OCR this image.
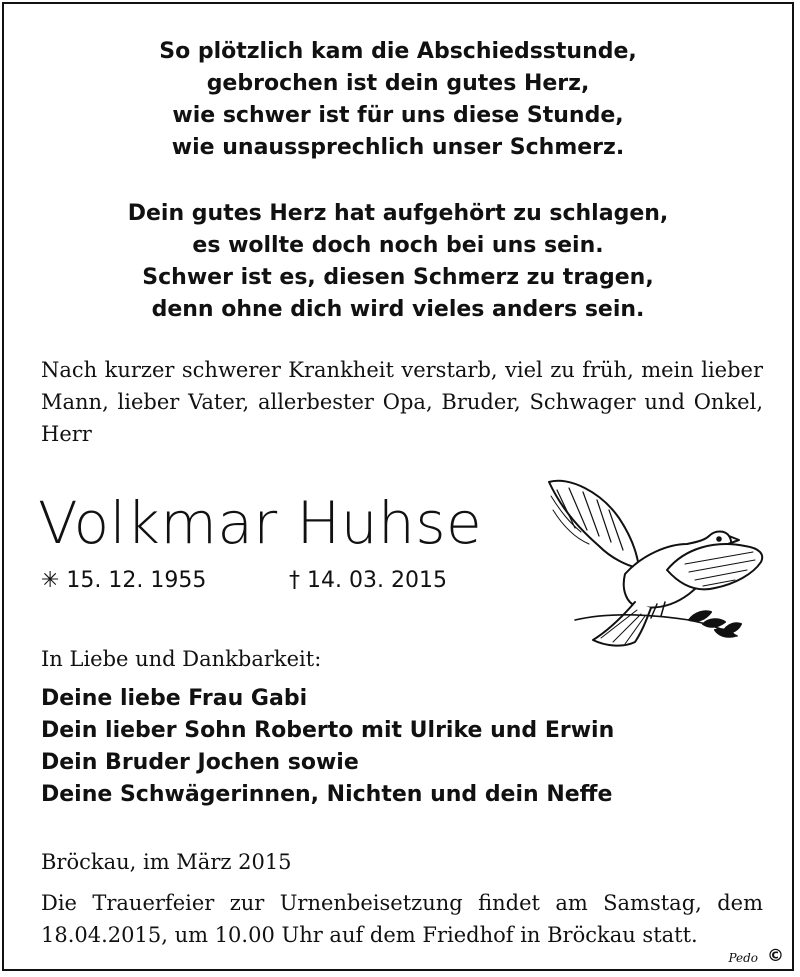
So plötzlich kam die Abschiedsstunde,
gebrochen ist dein gutes Herz,
wie schwer ist für uns diese Stunde,
wie unaussprechlich unser Schmerz.
Dein gutes Herz hat aufgehört zu schlagen,
es wollte doch noch bei uns sein.
Schwer ist es, diesen Schmerz zu tragen,
denn ohne dich wird vieles anders sein.
Nach kurzer schwerer Krankheit verstarb, viel zu früh, mein lieber Mann, lieber Vater, allerbester Opa, Bruder, Schwager und Onkel, Herr
Volkmar Huhse
✳ 15. 12. 1955	† 14. 03. 2015
In Liebe und Dankbarkeit:
Deine liebe Frau Gabi
Dein lieber Sohn Roberto mit Ulrike und Erwin
Dein Bruder Jochen sowie
Deine Schwägerinnen, Nichten und dein Neffe
Bröckau, im März 2015
Die Trauerfeier zur Urnenbeisetzung findet am Samstag, dem 18.04.2015, um 10.00 Uhr auf dem Friedhof in Bröckau statt.
Pedo ©
